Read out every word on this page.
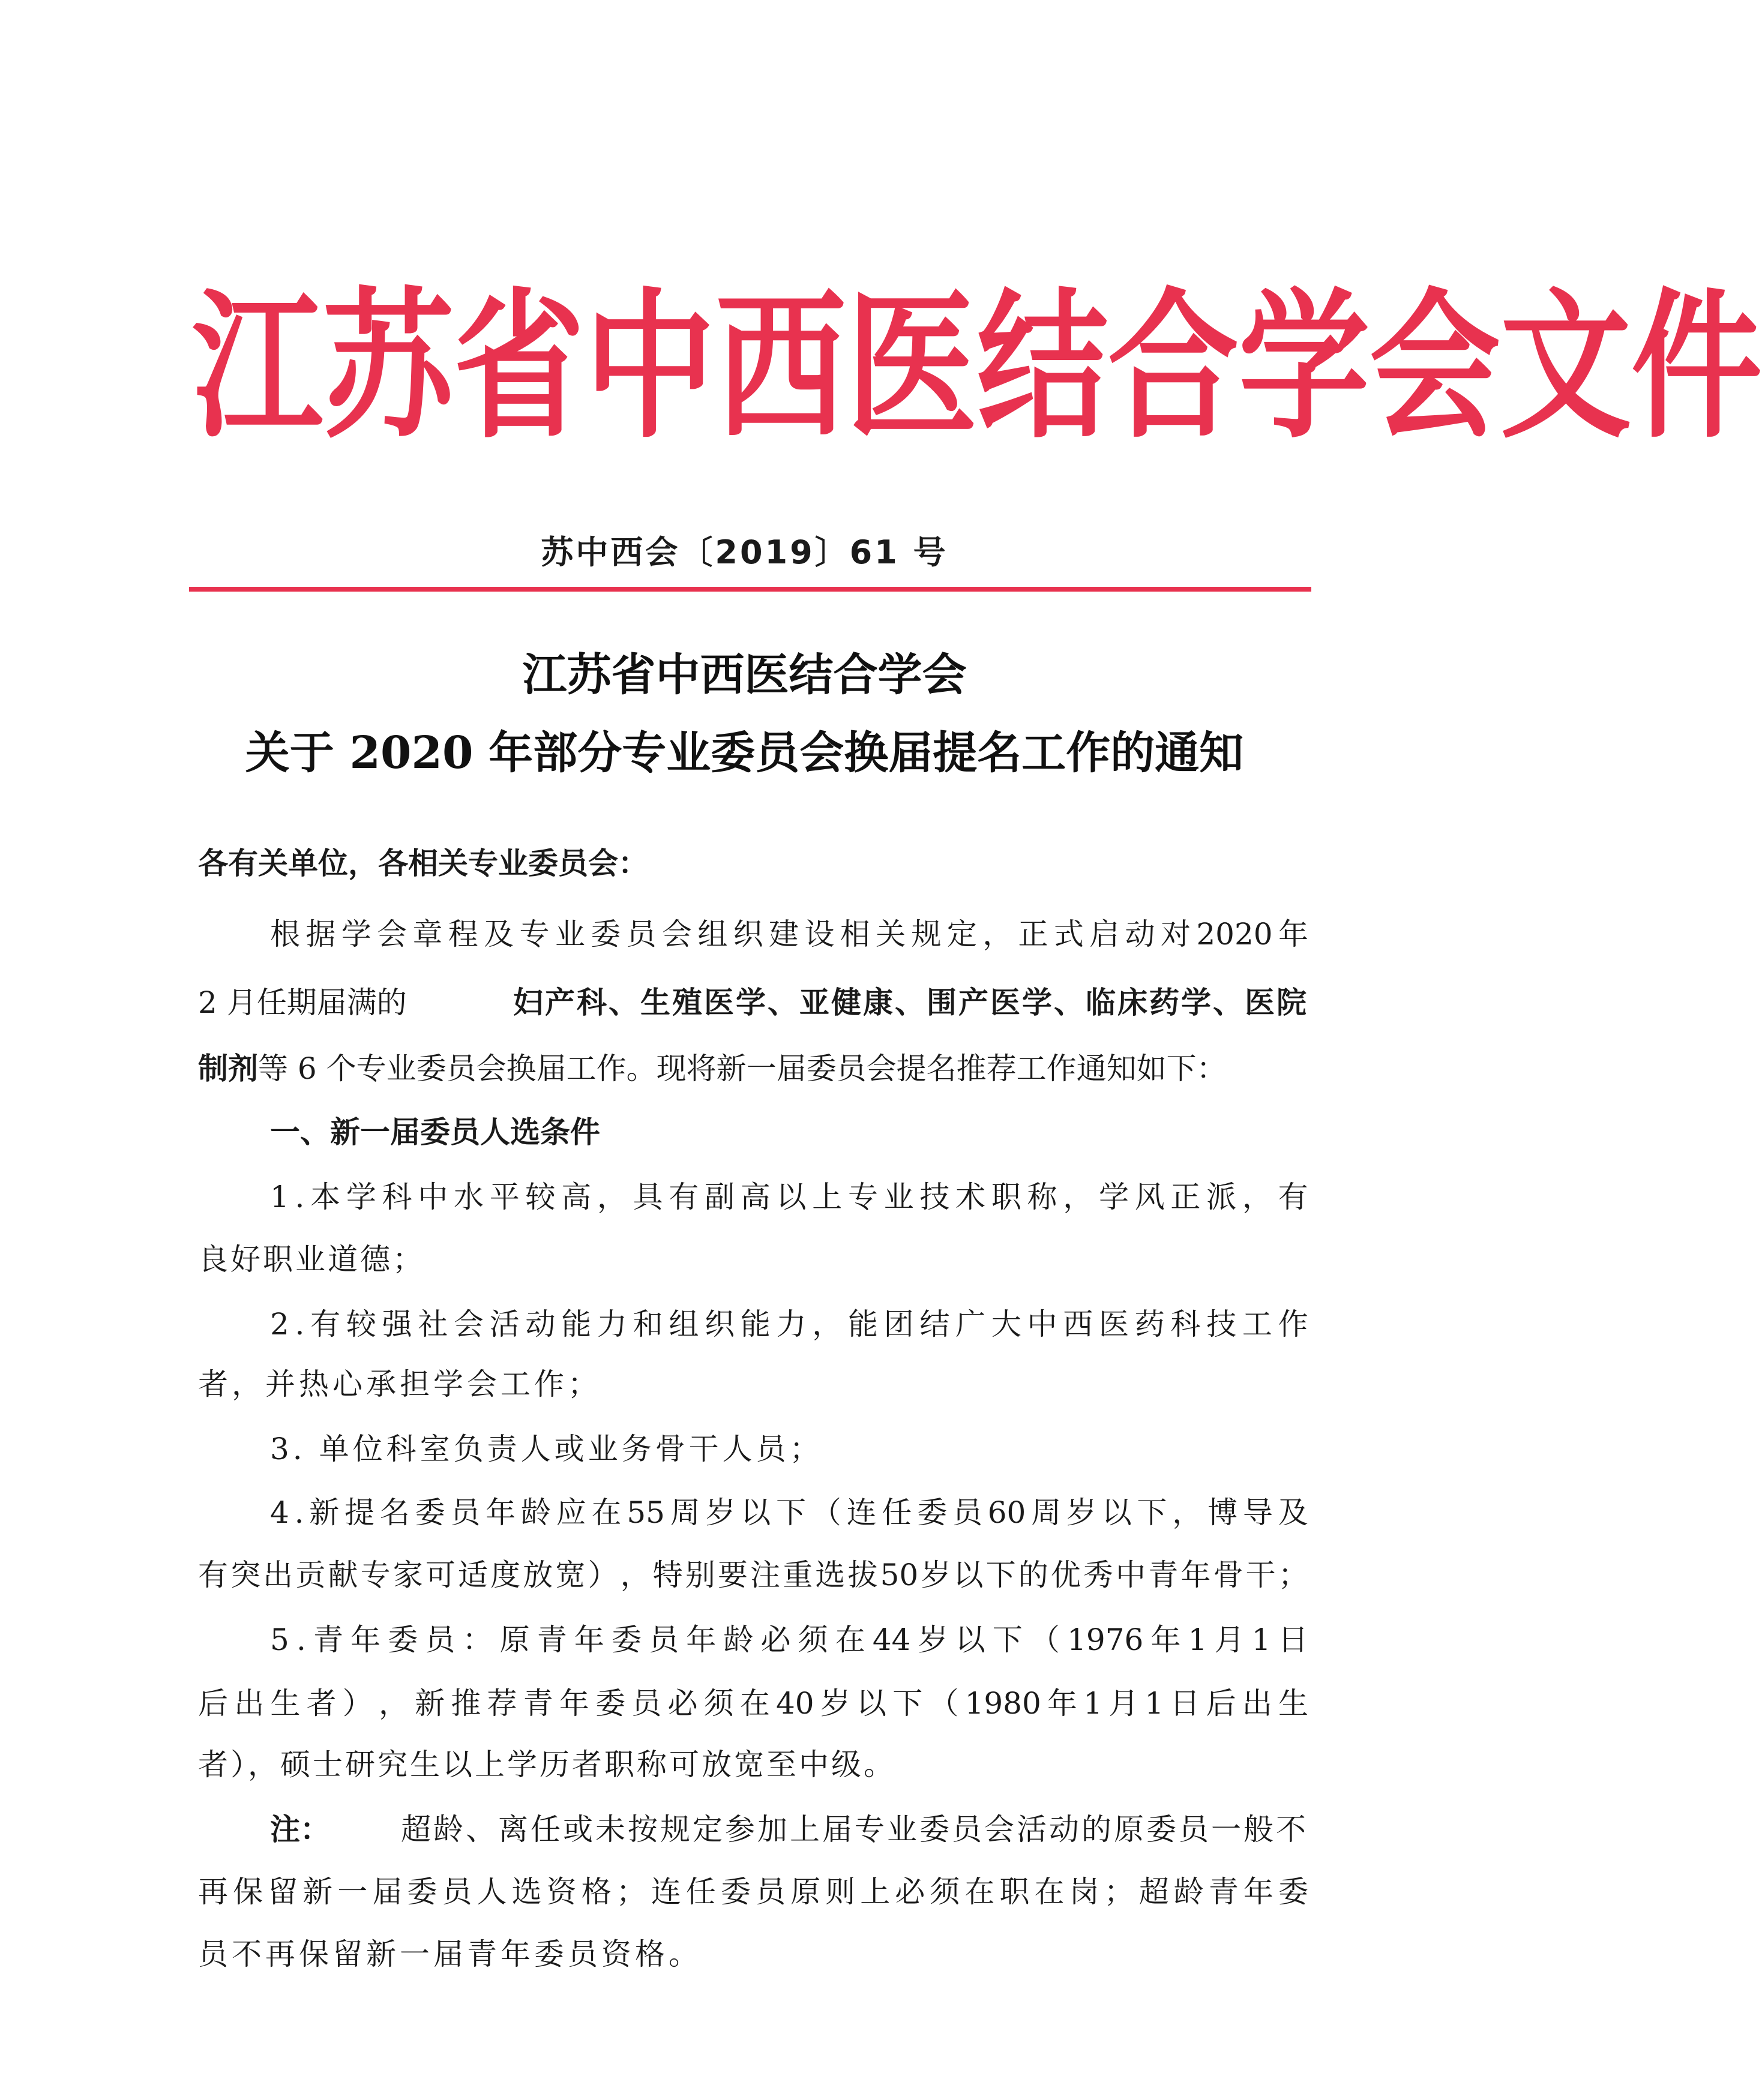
江 苏 省 中 西 医 结 合 学 会 文 件
苏中西会〔2019〕61 号
江苏省中西医结合学会
关于 2020 年部分专业委员会换届提名工作的通知
各有关单位，各相关专业委员会：
根 据 学 会 章 程 及 专 业 委 员 会 组 织 建 设 相 关 规 定 ， 正 式 启 动 对 2020 年
2 月任期届满的	妇产科、生殖医学、亚健康、围产医学、临床药学、医院
制剂 等 6 个专业委员会换届工作。现将新一届委员会提名推荐工作通知如下：
一、新一届委员人选条件
1 . 本 学 科 中 水 平 较 高 ， 具 有 副 高 以 上 专 业 技 术 职 称 ， 学 风 正 派 ， 有
良好职业道德；
2 . 有 较 强 社 会 活 动 能 力 和 组 织 能 力 ， 能 团 结 广 大 中 西 医 药 科 技 工 作
者，并热心承担学会工作；
3. 单位科室负责人或业务骨干人员；
4 . 新 提 名 委 员 年 龄 应 在 55 周 岁 以 下 （ 连 任 委 员 60 周 岁 以 下 ， 博 导 及
有 突 出 贡 献 专 家 可 适 度 放 宽 ） ， 特 别 要 注 重 选 拔 50 岁 以 下 的 优 秀 中 青 年 骨 干 ；
5 . 青 年 委 员 ： 原 青 年 委 员 年 龄 必 须 在 44 岁 以 下 （ 1976 年 1 月 1 日
后 出 生 者 ） ， 新 推 荐 青 年 委 员 必 须 在 40 岁 以 下 （ 1980 年 1 月 1 日 后 出 生
者），硕士研究生以上学历者职称可放宽至中级。
注： 超龄、离任或未按规定参加上届专业委员会活动的原委员一般不
再 保 留 新 一 届 委 员 人 选 资 格 ； 连 任 委 员 原 则 上 必 须 在 职 在 岗 ； 超 龄 青 年 委
员不再保留新一届青年委员资格。
